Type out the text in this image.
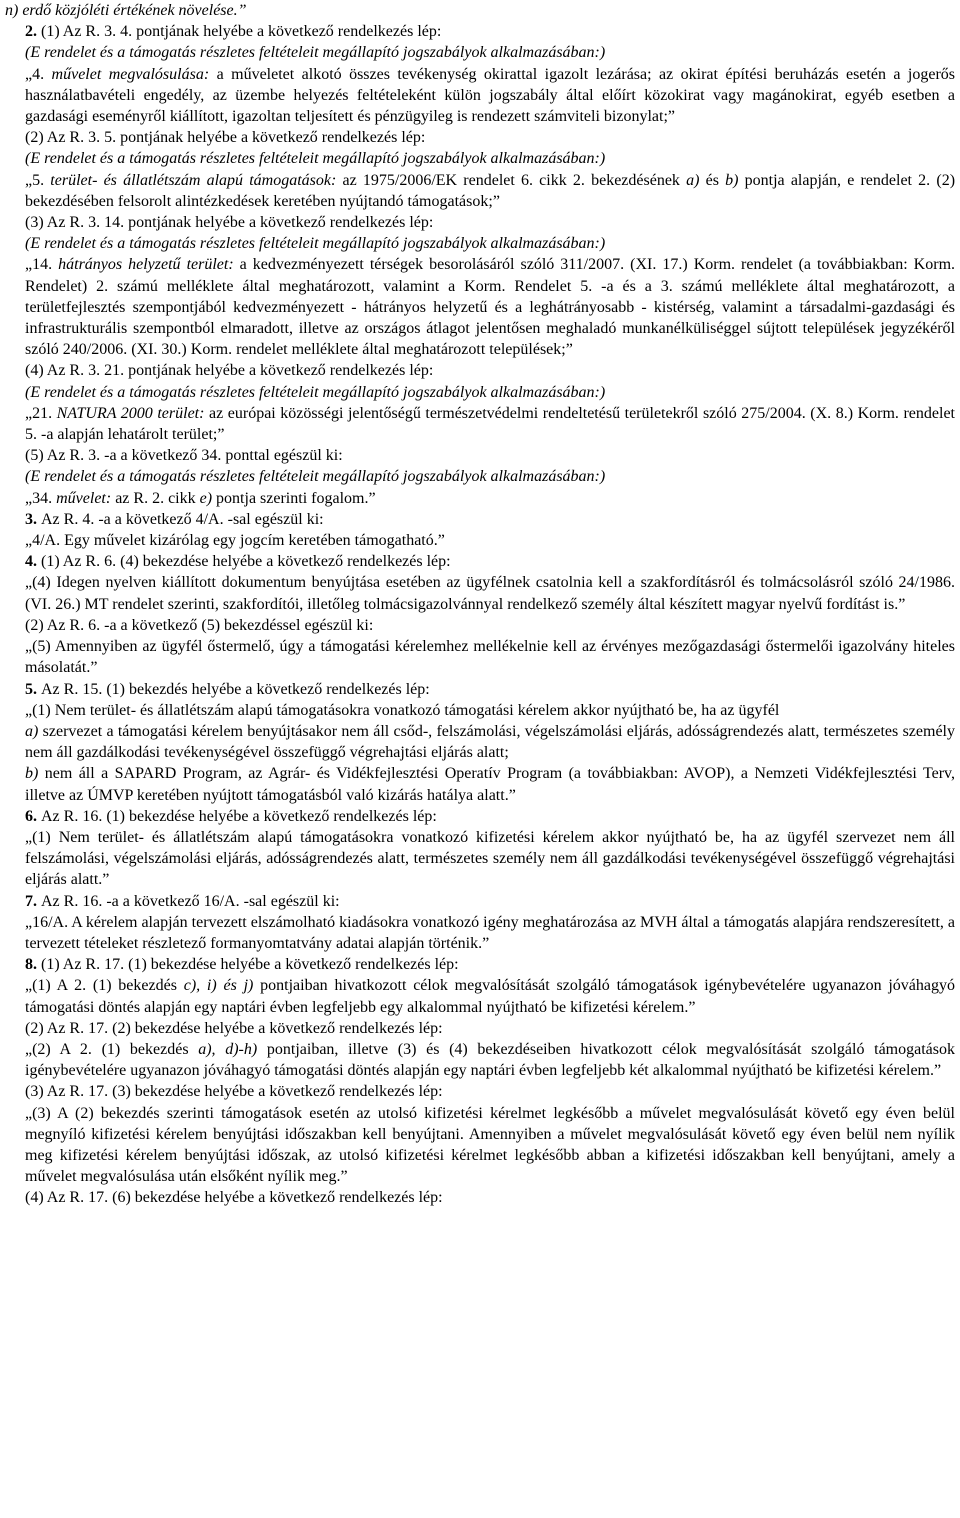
n) erdő közjóléti értékének növelése.”

2. (1) Az R. 3. 4. pontjának helyébe a következő rendelkezés lép:

(E rendelet és a támogatás részletes feltételeit megállapító jogszabályok alkalmazásában:)

„4. művelet megvalósulása: a műveletet alkotó összes tevékenység okirattal igazolt lezárása; az okirat építési beruházás esetén a jogerős használatbavételi engedély, az üzembe helyezés feltételeként külön jogszabály által előírt közokirat vagy magánokirat, egyéb esetben a gazdasági eseményről kiállított, igazoltan teljesített és pénzügyileg is rendezett számviteli bizonylat;”

(2) Az R. 3. 5. pontjának helyébe a következő rendelkezés lép:

(E rendelet és a támogatás részletes feltételeit megállapító jogszabályok alkalmazásában:)

„5. terület- és állatlétszám alapú támogatások: az 1975/2006/EK rendelet 6. cikk 2. bekezdésének a) és b) pontja alapján, e rendelet 2. (2) bekezdésében felsorolt alintézkedések keretében nyújtandó támogatások;”

(3) Az R. 3. 14. pontjának helyébe a következő rendelkezés lép:

(E rendelet és a támogatás részletes feltételeit megállapító jogszabályok alkalmazásában:)

„14. hátrányos helyzetű terület: a kedvezményezett térségek besorolásáról szóló 311/2007. (XI. 17.) Korm. rendelet (a továbbiakban: Korm. Rendelet) 2. számú melléklete által meghatározott, valamint a Korm. Rendelet 5. -a és a 3. számú melléklete által meghatározott, a területfejlesztés szempontjából kedvezményezett - hátrányos helyzetű és a leghátrányosabb - kistérség, valamint a társadalmi-gazdasági és infrastrukturális szempontból elmaradott, illetve az országos átlagot jelentősen meghaladó munkanélküliséggel sújtott települések jegyzékéről szóló 240/2006. (XI. 30.) Korm. rendelet melléklete által meghatározott települések;”

(4) Az R. 3. 21. pontjának helyébe a következő rendelkezés lép:

(E rendelet és a támogatás részletes feltételeit megállapító jogszabályok alkalmazásában:)

„21. NATURA 2000 terület: az európai közösségi jelentőségű természetvédelmi rendeltetésű területekről szóló 275/2004. (X. 8.) Korm. rendelet 5. -a alapján lehatárolt terület;”

(5) Az R. 3. -a a következő 34. ponttal egészül ki:

(E rendelet és a támogatás részletes feltételeit megállapító jogszabályok alkalmazásában:)

„34. művelet: az R. 2. cikk e) pontja szerinti fogalom.”

3. Az R. 4. -a a következő 4/A. -sal egészül ki:

„4/A. Egy művelet kizárólag egy jogcím keretében támogatható.”

4. (1) Az R. 6. (4) bekezdése helyébe a következő rendelkezés lép:

„(4) Idegen nyelven kiállított dokumentum benyújtása esetében az ügyfélnek csatolnia kell a szakfordításról és tolmácsolásról szóló 24/1986. (VI. 26.) MT rendelet szerinti, szakfordítói, illetőleg tolmácsigazolvánnyal rendelkező személy által készített magyar nyelvű fordítást is.”

(2) Az R. 6. -a a következő (5) bekezdéssel egészül ki:

„(5) Amennyiben az ügyfél őstermelő, úgy a támogatási kérelemhez mellékelnie kell az érvényes mezőgazdasági őstermelői igazolvány hiteles másolatát.”

5. Az R. 15. (1) bekezdés helyébe a következő rendelkezés lép:

„(1) Nem terület- és állatlétszám alapú támogatásokra vonatkozó támogatási kérelem akkor nyújtható be, ha az ügyfél

a) szervezet a támogatási kérelem benyújtásakor nem áll csőd-, felszámolási, végelszámolási eljárás, adósságrendezés alatt, természetes személy nem áll gazdálkodási tevékenységével összefüggő végrehajtási eljárás alatt;

b) nem áll a SAPARD Program, az Agrár- és Vidékfejlesztési Operatív Program (a továbbiakban: AVOP), a Nemzeti Vidékfejlesztési Terv, illetve az ÚMVP keretében nyújtott támogatásból való kizárás hatálya alatt.”

6. Az R. 16. (1) bekezdése helyébe a következő rendelkezés lép:

„(1) Nem terület- és állatlétszám alapú támogatásokra vonatkozó kifizetési kérelem akkor nyújtható be, ha az ügyfél szervezet nem áll felszámolási, végelszámolási eljárás, adósságrendezés alatt, természetes személy nem áll gazdálkodási tevékenységével összefüggő végrehajtási eljárás alatt.”

7. Az R. 16. -a a következő 16/A. -sal egészül ki:

„16/A. A kérelem alapján tervezett elszámolható kiadásokra vonatkozó igény meghatározása az MVH által a támogatás alapjára rendszeresített, a tervezett tételeket részletező formanyomtatvány adatai alapján történik.”

8. (1) Az R. 17. (1) bekezdése helyébe a következő rendelkezés lép:

„(1) A 2. (1) bekezdés c), i) és j) pontjaiban hivatkozott célok megvalósítását szolgáló támogatások igénybevételére ugyanazon jóváhagyó támogatási döntés alapján egy naptári évben legfeljebb egy alkalommal nyújtható be kifizetési kérelem.”

(2) Az R. 17. (2) bekezdése helyébe a következő rendelkezés lép:

„(2) A 2. (1) bekezdés a), d)-h) pontjaiban, illetve (3) és (4) bekezdéseiben hivatkozott célok megvalósítását szolgáló támogatások igénybevételére ugyanazon jóváhagyó támogatási döntés alapján egy naptári évben legfeljebb két alkalommal nyújtható be kifizetési kérelem.”

(3) Az R. 17. (3) bekezdése helyébe a következő rendelkezés lép:

„(3) A (2) bekezdés szerinti támogatások esetén az utolsó kifizetési kérelmet legkésőbb a művelet megvalósulását követő egy éven belül megnyíló kifizetési kérelem benyújtási időszakban kell benyújtani. Amennyiben a művelet megvalósulását követő egy éven belül nem nyílik meg kifizetési kérelem benyújtási időszak, az utolsó kifizetési kérelmet legkésőbb abban a kifizetési időszakban kell benyújtani, amely a művelet megvalósulása után elsőként nyílik meg.”

(4) Az R. 17. (6) bekezdése helyébe a következő rendelkezés lép:
